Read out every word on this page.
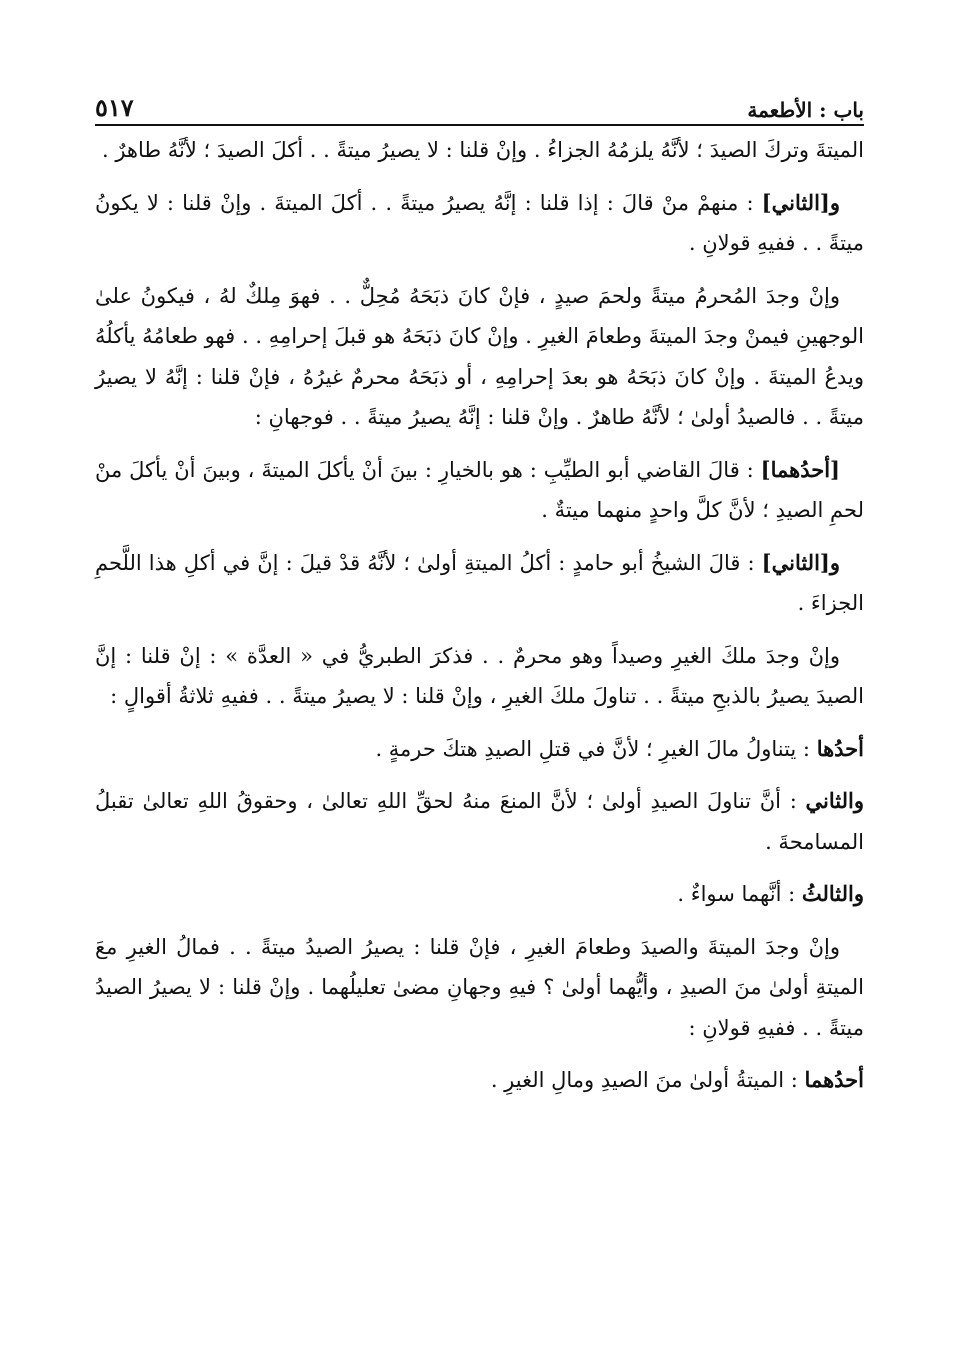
باب : الأطعمة
٥١٧

الميتةَ وتركَ الصيدَ ؛ لأنَّهُ يلزمُهُ الجزاءُ . وإنْ قلنا : لا يصيرُ ميتةً . . أكلَ الصيدَ ؛ لأنَّهُ طاهرٌ .

و[الثاني] : منهمْ منْ قالَ : إذا قلنا : إنَّهُ يصيرُ ميتةً . . أكلَ الميتةَ . وإنْ قلنا : لا يكونُ ميتةً . . ففيهِ قولانِ .

وإنْ وجدَ المُحرمُ ميتةً ولحمَ صيدٍ ، فإنْ كانَ ذبَحَهُ مُحِلٌّ . . فهوَ مِلكٌ لهُ ، فيكونُ علىٰ الوجهينِ فيمنْ وجدَ الميتةَ وطعامَ الغيرِ . وإنْ كانَ ذبَحَهُ هو قبلَ إحرامِهِ . . فهو طعامُهُ يأكلُهُ ويدعُ الميتةَ . وإنْ كانَ ذبَحَهُ هو بعدَ إحرامِهِ ، أو ذبَحَهُ محرمٌ غيرُهُ ، فإنْ قلنا : إنَّهُ لا يصيرُ ميتةً . . فالصيدُ أولىٰ ؛ لأنَّهُ طاهرٌ . وإنْ قلنا : إنَّهُ يصيرُ ميتةً . . فوجهانِ :

[أحدُهما] : قالَ القاضي أبو الطيِّبِ : هو بالخيارِ : بينَ أنْ يأكلَ الميتةَ ، وبينَ أنْ يأكلَ منْ لحمِ الصيدِ ؛ لأنَّ كلَّ واحدٍ منهما ميتةٌ .

و[الثاني] : قالَ الشيخُ أبو حامدٍ : أكلُ الميتةِ أولىٰ ؛ لأنَّهُ قدْ قيلَ : إنَّ في أكلِ هذا اللَّحمِ الجزاءَ .

وإنْ وجدَ ملكَ الغيرِ وصيداً وهو محرمٌ . . فذكرَ الطبريُّ في « العدَّة » : إنْ قلنا : إنَّ الصيدَ يصيرُ بالذبحِ ميتةً . . تناولَ ملكَ الغيرِ ، وإنْ قلنا : لا يصيرُ ميتةً . . ففيهِ ثلاثةُ أقوالٍ :

أحدُها : يتناولُ مالَ الغيرِ ؛ لأنَّ في قتلِ الصيدِ هتكَ حرمةٍ .

والثاني : أنَّ تناولَ الصيدِ أولىٰ ؛ لأنَّ المنعَ منهُ لحقِّ اللهِ تعالىٰ ، وحقوقُ اللهِ تعالىٰ تقبلُ المسامحةَ .

والثالثُ : أنَّهما سواءٌ .

وإنْ وجدَ الميتةَ والصيدَ وطعامَ الغيرِ ، فإنْ قلنا : يصيرُ الصيدُ ميتةً . . فمالُ الغيرِ معَ الميتةِ أولىٰ منَ الصيدِ ، وأيُّهما أولىٰ ؟ فيهِ وجهانِ مضىٰ تعليلُهما . وإنْ قلنا : لا يصيرُ الصيدُ ميتةً . . ففيهِ قولانِ :

أحدُهما : الميتةُ أولىٰ منَ الصيدِ ومالِ الغيرِ .
